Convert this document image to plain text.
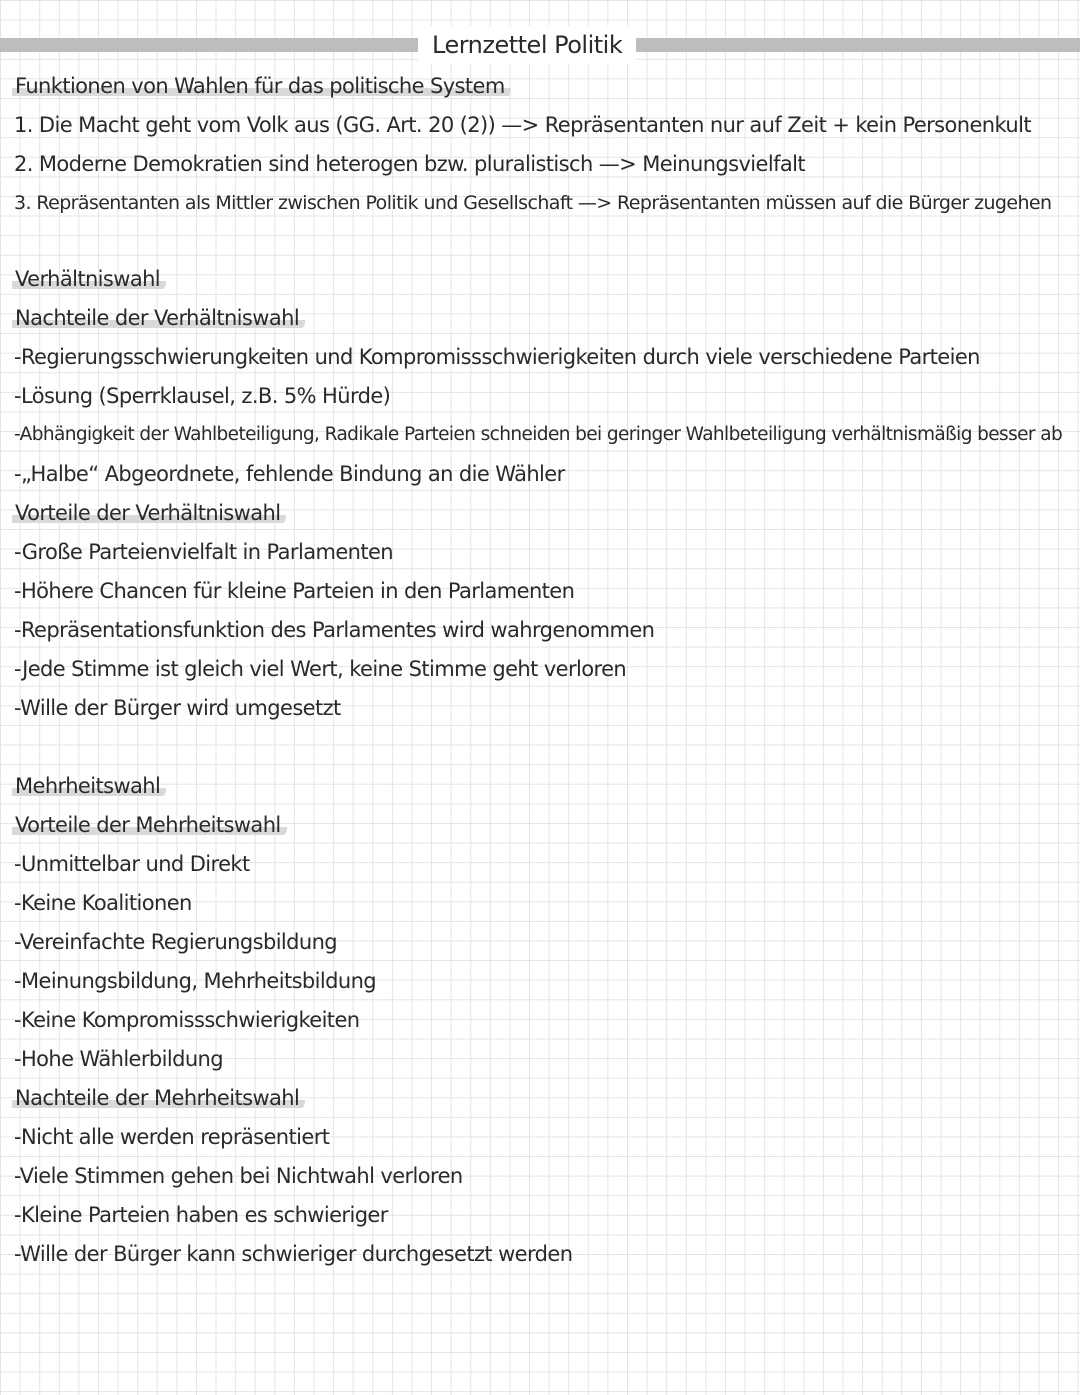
Lernzettel Politik
Funktionen von Wahlen für das politische System
1. Die Macht geht vom Volk aus (GG. Art. 20 (2)) —> Repräsentanten nur auf Zeit + kein Personenkult
2. Moderne Demokratien sind heterogen bzw. pluralistisch —> Meinungsvielfalt
3. Repräsentanten als Mittler zwischen Politik und Gesellschaft —> Repräsentanten müssen auf die Bürger zugehen
Verhältniswahl
Nachteile der Verhältniswahl
-Regierungsschwierungkeiten und Kompromissschwierigkeiten durch viele verschiedene Parteien
-Lösung (Sperrklausel, z.B. 5% Hürde)
-Abhängigkeit der Wahlbeteiligung, Radikale Parteien schneiden bei geringer Wahlbeteiligung verhältnismäßig besser ab
-„Halbe“ Abgeordnete, fehlende Bindung an die Wähler
Vorteile der Verhältniswahl
-Große Parteienvielfalt in Parlamenten
-Höhere Chancen für kleine Parteien in den Parlamenten
-Repräsentationsfunktion des Parlamentes wird wahrgenommen
-Jede Stimme ist gleich viel Wert, keine Stimme geht verloren
-Wille der Bürger wird umgesetzt
Mehrheitswahl
Vorteile der Mehrheitswahl
-Unmittelbar und Direkt
-Keine Koalitionen
-Vereinfachte Regierungsbildung
-Meinungsbildung, Mehrheitsbildung
-Keine Kompromissschwierigkeiten
-Hohe Wählerbildung
Nachteile der Mehrheitswahl
-Nicht alle werden repräsentiert
-Viele Stimmen gehen bei Nichtwahl verloren
-Kleine Parteien haben es schwieriger
-Wille der Bürger kann schwieriger durchgesetzt werden
